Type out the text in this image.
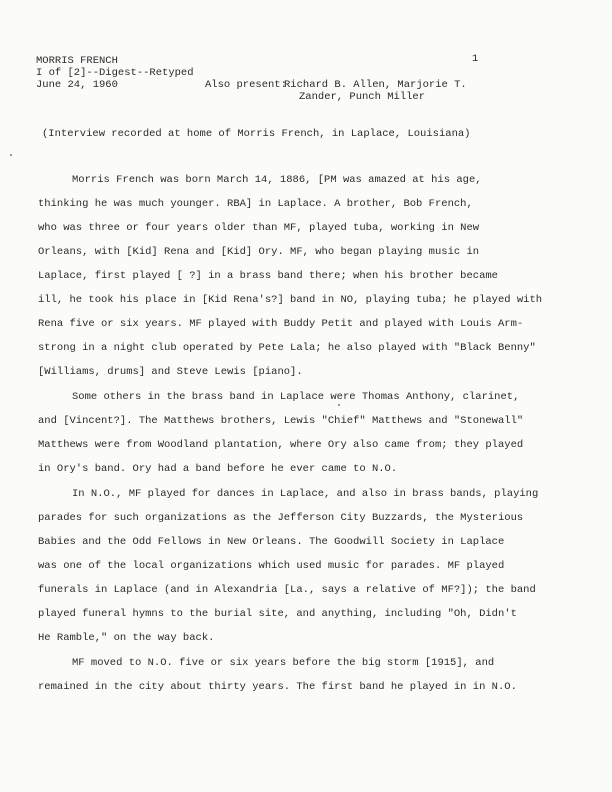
MORRIS FRENCH
I of [2]--Digest--Retyped
June 24, 1960
1
Also present:
Richard B. Allen, Marjorie T.
Zander, Punch Miller
(Interview recorded at home of Morris French, in Laplace, Louisiana)
Morris French was born March 14, 1886, [PM was amazed at his age,
thinking he was much younger. RBA] in Laplace. A brother, Bob French,
who was three or four years older than MF, played tuba, working in New
Orleans, with [Kid] Rena and [Kid] Ory. MF, who began playing music in
Laplace, first played [ ?] in a brass band there; when his brother became
ill, he took his place in [Kid Rena's?] band in NO, playing tuba; he played with
Rena five or six years. MF played with Buddy Petit and played with Louis Arm-
strong in a night club operated by Pete Lala; he also played with "Black Benny"
[Williams, drums] and Steve Lewis [piano].
Some others in the brass band in Laplace were Thomas Anthony, clarinet,
and [Vincent?]. The Matthews brothers, Lewis "Chief" Matthews and "Stonewall"
Matthews were from Woodland plantation, where Ory also came from; they played
in Ory's band. Ory had a band before he ever came to N.O.
In N.O., MF played for dances in Laplace, and also in brass bands, playing
parades for such organizations as the Jefferson City Buzzards, the Mysterious
Babies and the Odd Fellows in New Orleans. The Goodwill Society in Laplace
was one of the local organizations which used music for parades. MF played
funerals in Laplace (and in Alexandria [La., says a relative of MF?]); the band
played funeral hymns to the burial site, and anything, including "Oh, Didn't
He Ramble," on the way back.
MF moved to N.O. five or six years before the big storm [1915], and
remained in the city about thirty years. The first band he played in in N.O.
